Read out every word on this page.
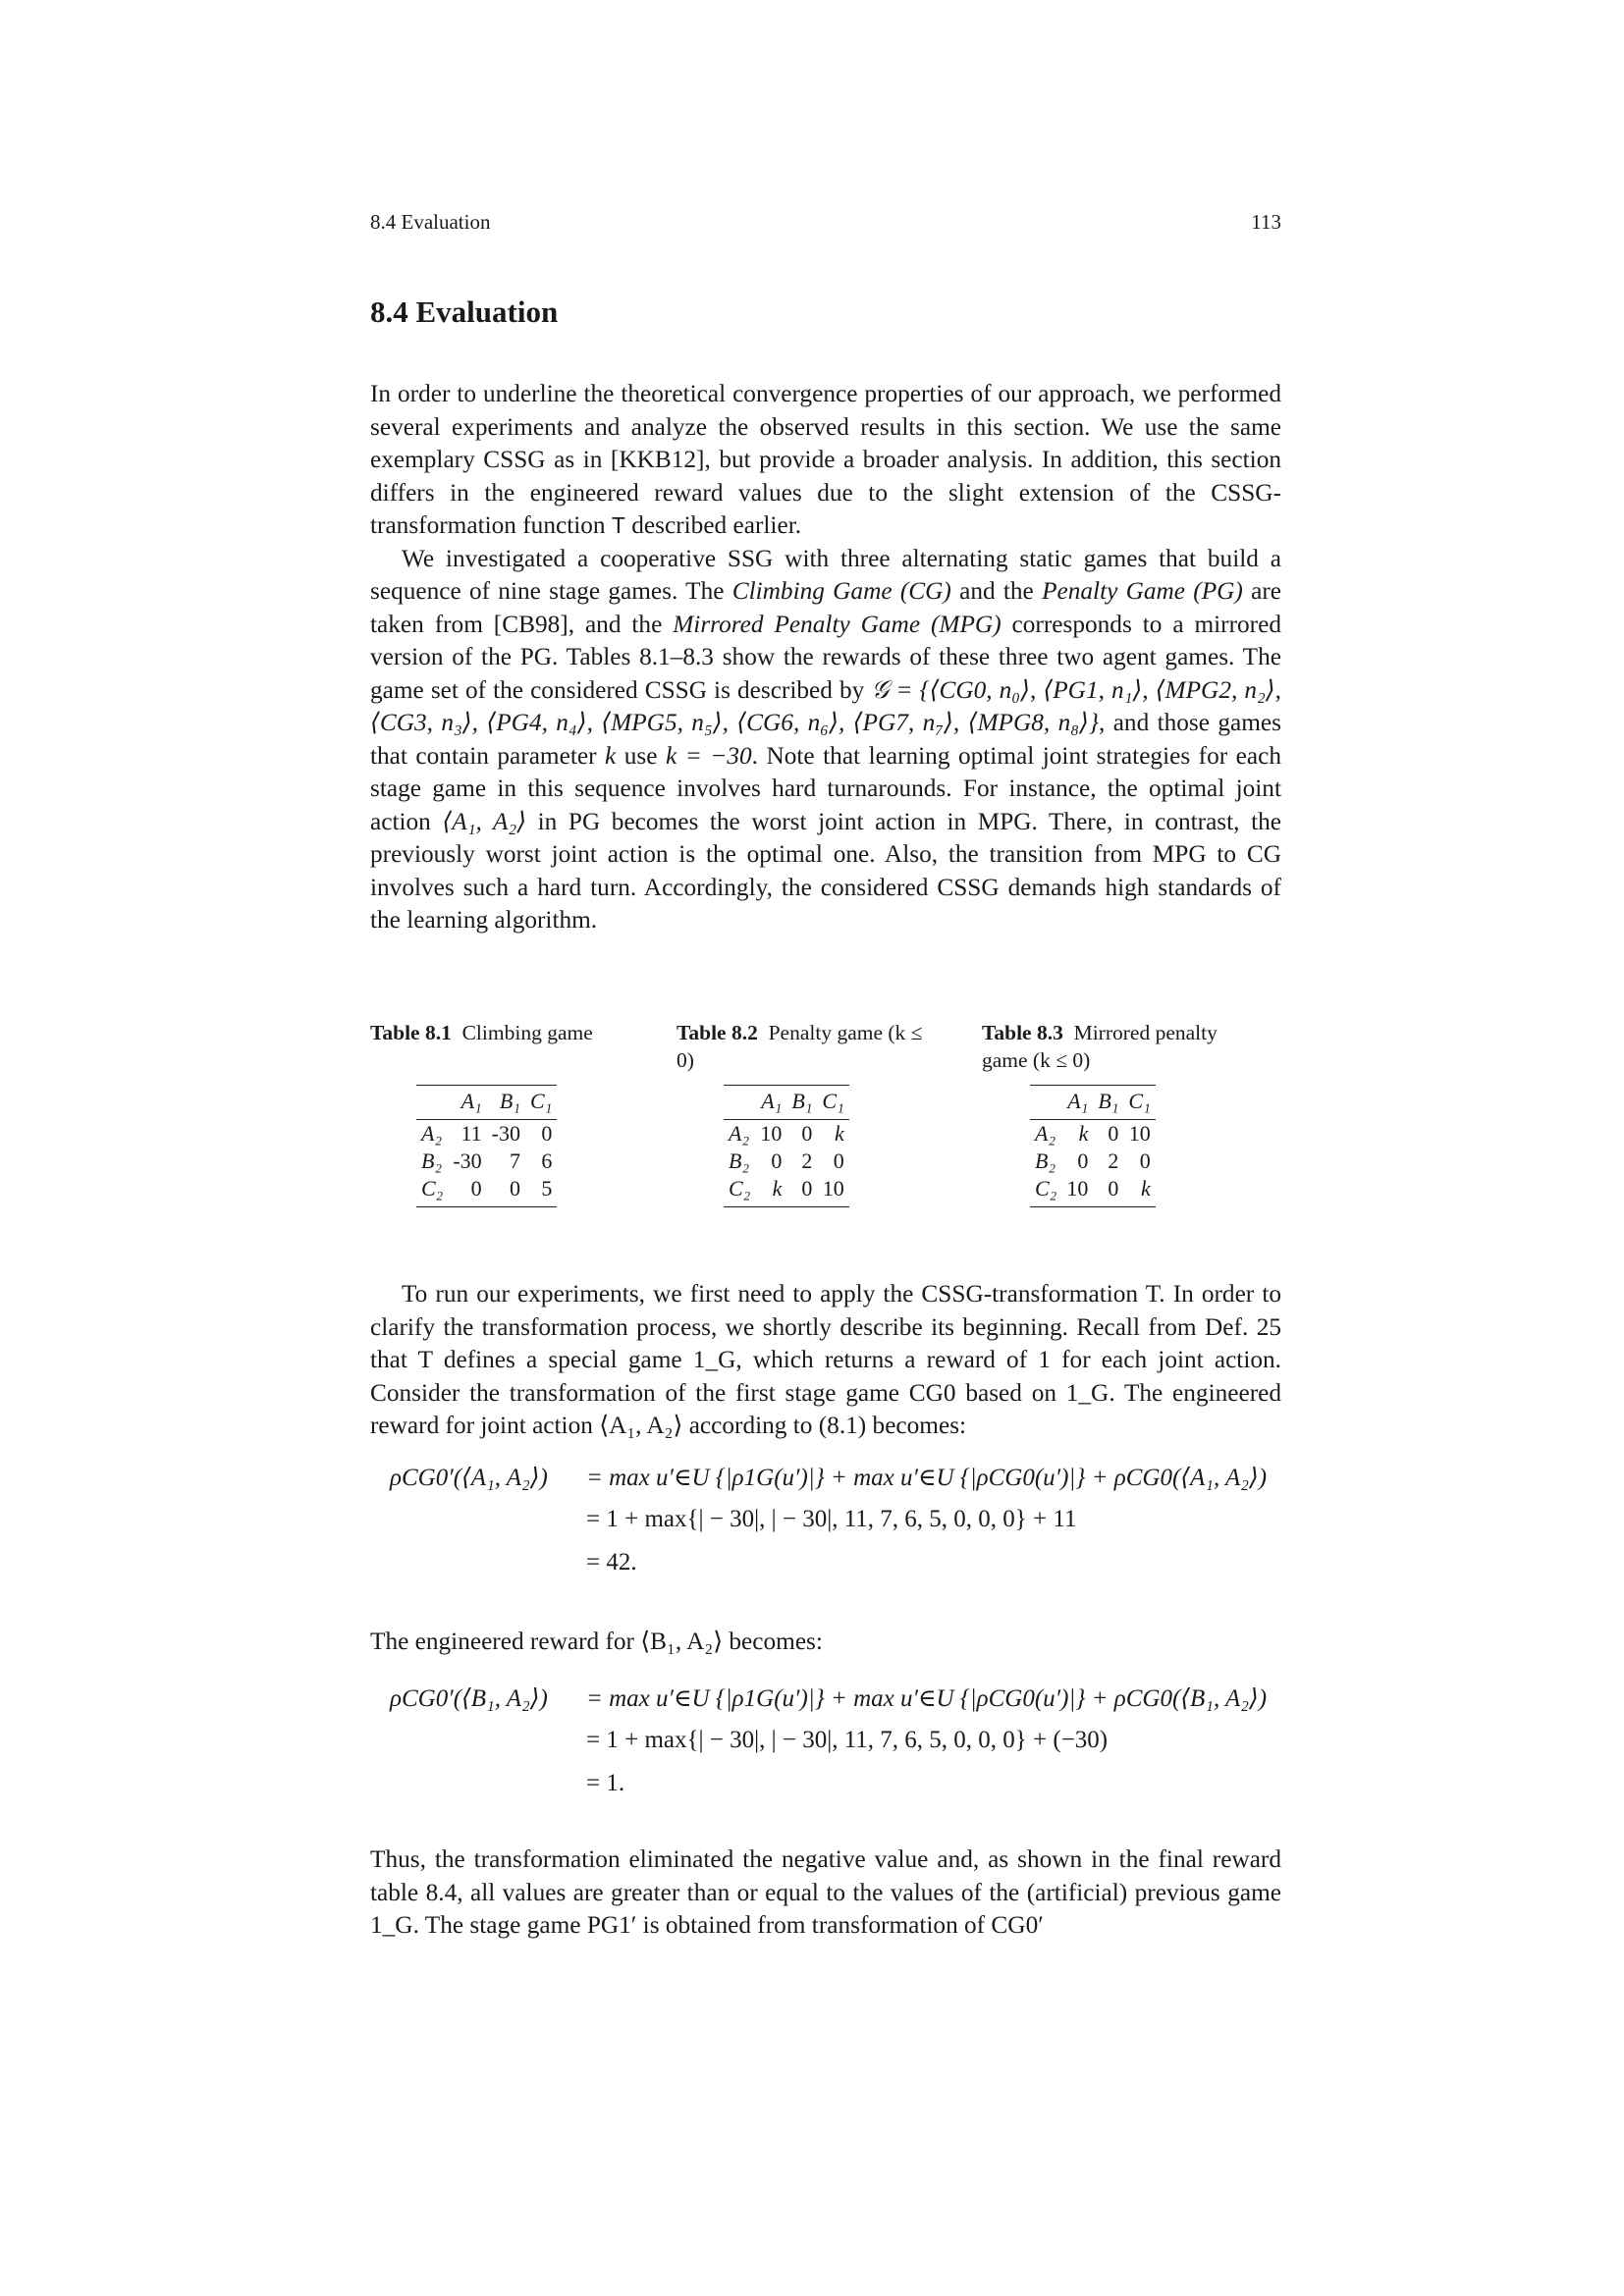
8.4 Evaluation	113
8.4 Evaluation

In order to underline the theoretical convergence properties of our approach, we performed several experiments and analyze the observed results in this section. We use the same exemplary CSSG as in [KKB12], but provide a broader analysis. In addition, this section differs in the engineered reward values due to the slight extension of the CSSG-transformation function T described earlier.

We investigated a cooperative SSG with three alternating static games that build a sequence of nine stage games. The Climbing Game (CG) and the Penalty Game (PG) are taken from [CB98], and the Mirrored Penalty Game (MPG) corresponds to a mirrored version of the PG. Tables 8.1–8.3 show the rewards of these three two agent games. The game set of the considered CSSG is described by 𝒢 = {⟨CG0, n₀⟩, ⟨PG1, n₁⟩, ⟨MPG2, n₂⟩, ⟨CG3, n₃⟩, ⟨PG4, n₄⟩, ⟨MPG5, n₅⟩, ⟨CG6, n₆⟩, ⟨PG7, n₇⟩, ⟨MPG8, n₈⟩}, and those games that contain parameter k use k = −30. Note that learning optimal joint strategies for each stage game in this sequence involves hard turnarounds. For instance, the optimal joint action ⟨A₁, A₂⟩ in PG becomes the worst joint action in MPG. There, in contrast, the previously worst joint action is the optimal one. Also, the transition from MPG to CG involves such a hard turn. Accordingly, the considered CSSG demands high standards of the learning algorithm.

Table 8.1 Climbing game
	A₁	B₁	C₁
A₂	11	-30	0
B₂	-30	7	6
C₂	0	0	5
Table 8.2 Penalty game (k ≤ 0)
	A₁	B₁	C₁
A₂	10	0	k
B₂	0	2	0
C₂	k	0	10
Table 8.3 Mirrored penalty game (k ≤ 0)
	A₁	B₁	C₁
A₂	k	0	10
B₂	0	2	0
C₂	10	0	k

To run our experiments, we first need to apply the CSSG-transformation T. In order to clarify the transformation process, we shortly describe its beginning. Recall from Def. 25 that T defines a special game 1_G, which returns a reward of 1 for each joint action. Consider the transformation of the first stage game CG0 based on 1_G. The engineered reward for joint action ⟨A₁, A₂⟩ according to (8.1) becomes:

ρCG0′(⟨A₁, A₂⟩) = max u′∈U {|ρ1G(u′)|} + max u′∈U {|ρCG0(u′)|} + ρCG0(⟨A₁, A₂⟩)
= 1 + max{| − 30|, | − 30|, 11, 7, 6, 5, 0, 0, 0} + 11
= 42.

The engineered reward for ⟨B₁, A₂⟩ becomes:

ρCG0′(⟨B₁, A₂⟩) = max u′∈U {|ρ1G(u′)|} + max u′∈U {|ρCG0(u′)|} + ρCG0(⟨B₁, A₂⟩)
= 1 + max{| − 30|, | − 30|, 11, 7, 6, 5, 0, 0, 0} + (−30)
= 1.

Thus, the transformation eliminated the negative value and, as shown in the final reward table 8.4, all values are greater than or equal to the values of the (artificial) previous game 1_G. The stage game PG1′ is obtained from transformation of CG0′
